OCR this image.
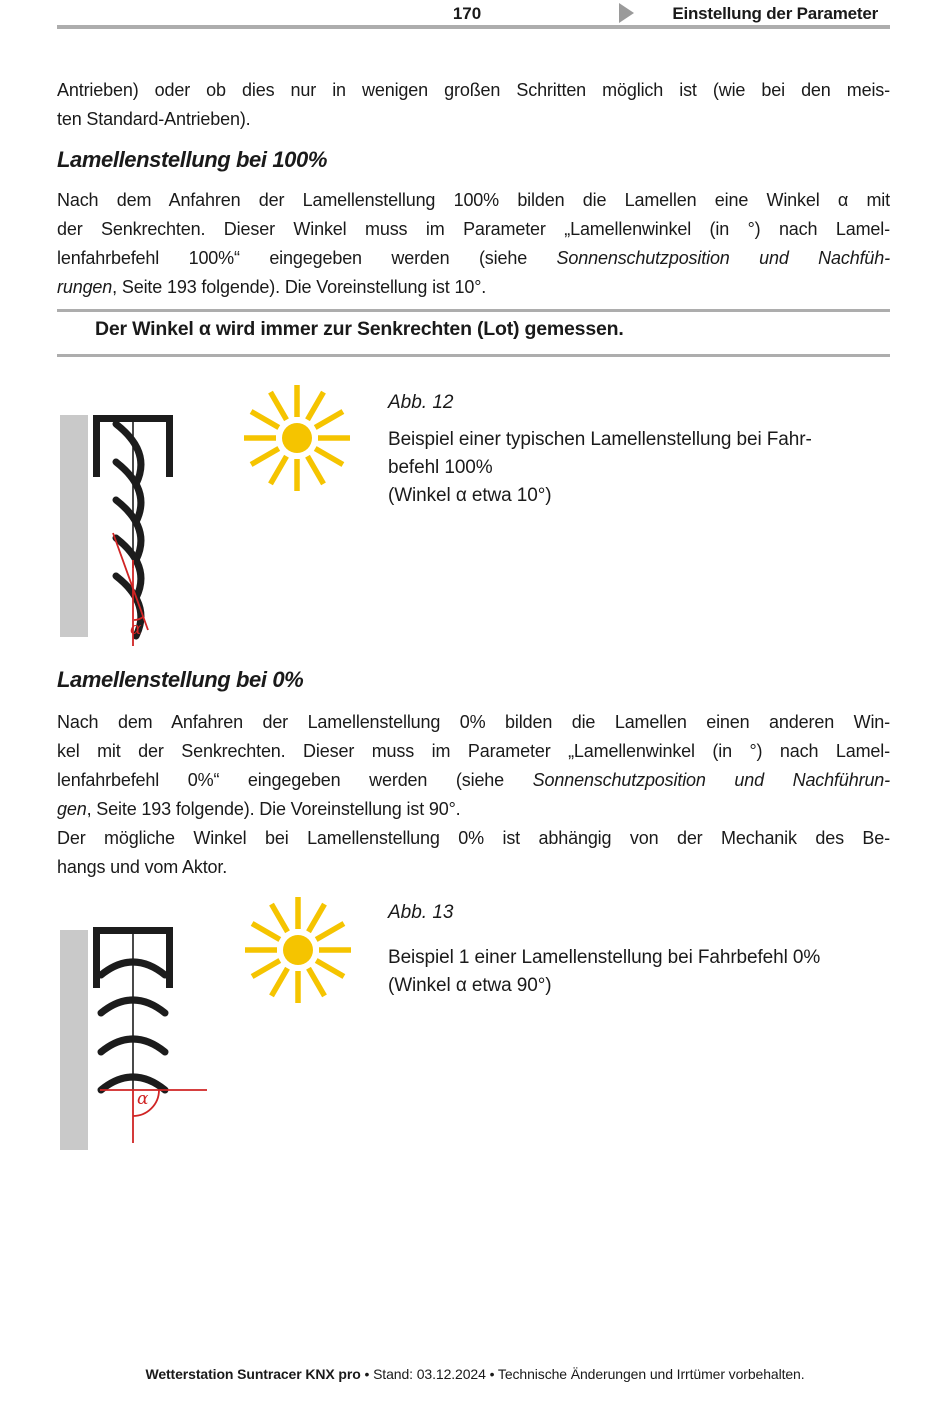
170	Einstellung der Parameter
Antrieben) oder ob dies nur in wenigen großen Schritten möglich ist (wie bei den meis-
ten Standard-Antrieben).
Lamellenstellung bei 100%
Nach dem Anfahren der Lamellenstellung 100% bilden die Lamellen eine Winkel α mit
der Senkrechten. Dieser Winkel muss im Parameter „Lamellenwinkel (in °) nach Lamel-
lenfahrbefehl 100%“ eingegeben werden (siehe Sonnenschutzposition und Nachfüh-
rungen, Seite 193 folgende). Die Voreinstellung ist 10°.
Der Winkel α wird immer zur Senkrechten (Lot) gemessen.
α
Abb. 12
Beispiel einer typischen Lamellenstellung bei Fahr-
befehl 100%
(Winkel α etwa 10°)
Lamellenstellung bei 0%
Nach dem Anfahren der Lamellenstellung 0% bilden die Lamellen einen anderen Win-
kel mit der Senkrechten. Dieser muss im Parameter „Lamellenwinkel (in °) nach Lamel-
lenfahrbefehl 0%“ eingegeben werden (siehe Sonnenschutzposition und Nachführun-
gen, Seite 193 folgende). Die Voreinstellung ist 90°.
Der mögliche Winkel bei Lamellenstellung 0% ist abhängig von der Mechanik des Be-
hangs und vom Aktor.
α
Abb. 13
Beispiel 1 einer Lamellenstellung bei Fahrbefehl 0%
(Winkel α etwa 90°)
Wetterstation Suntracer KNX pro • Stand: 03.12.2024 • Technische Änderungen und Irrtümer vorbehalten.
